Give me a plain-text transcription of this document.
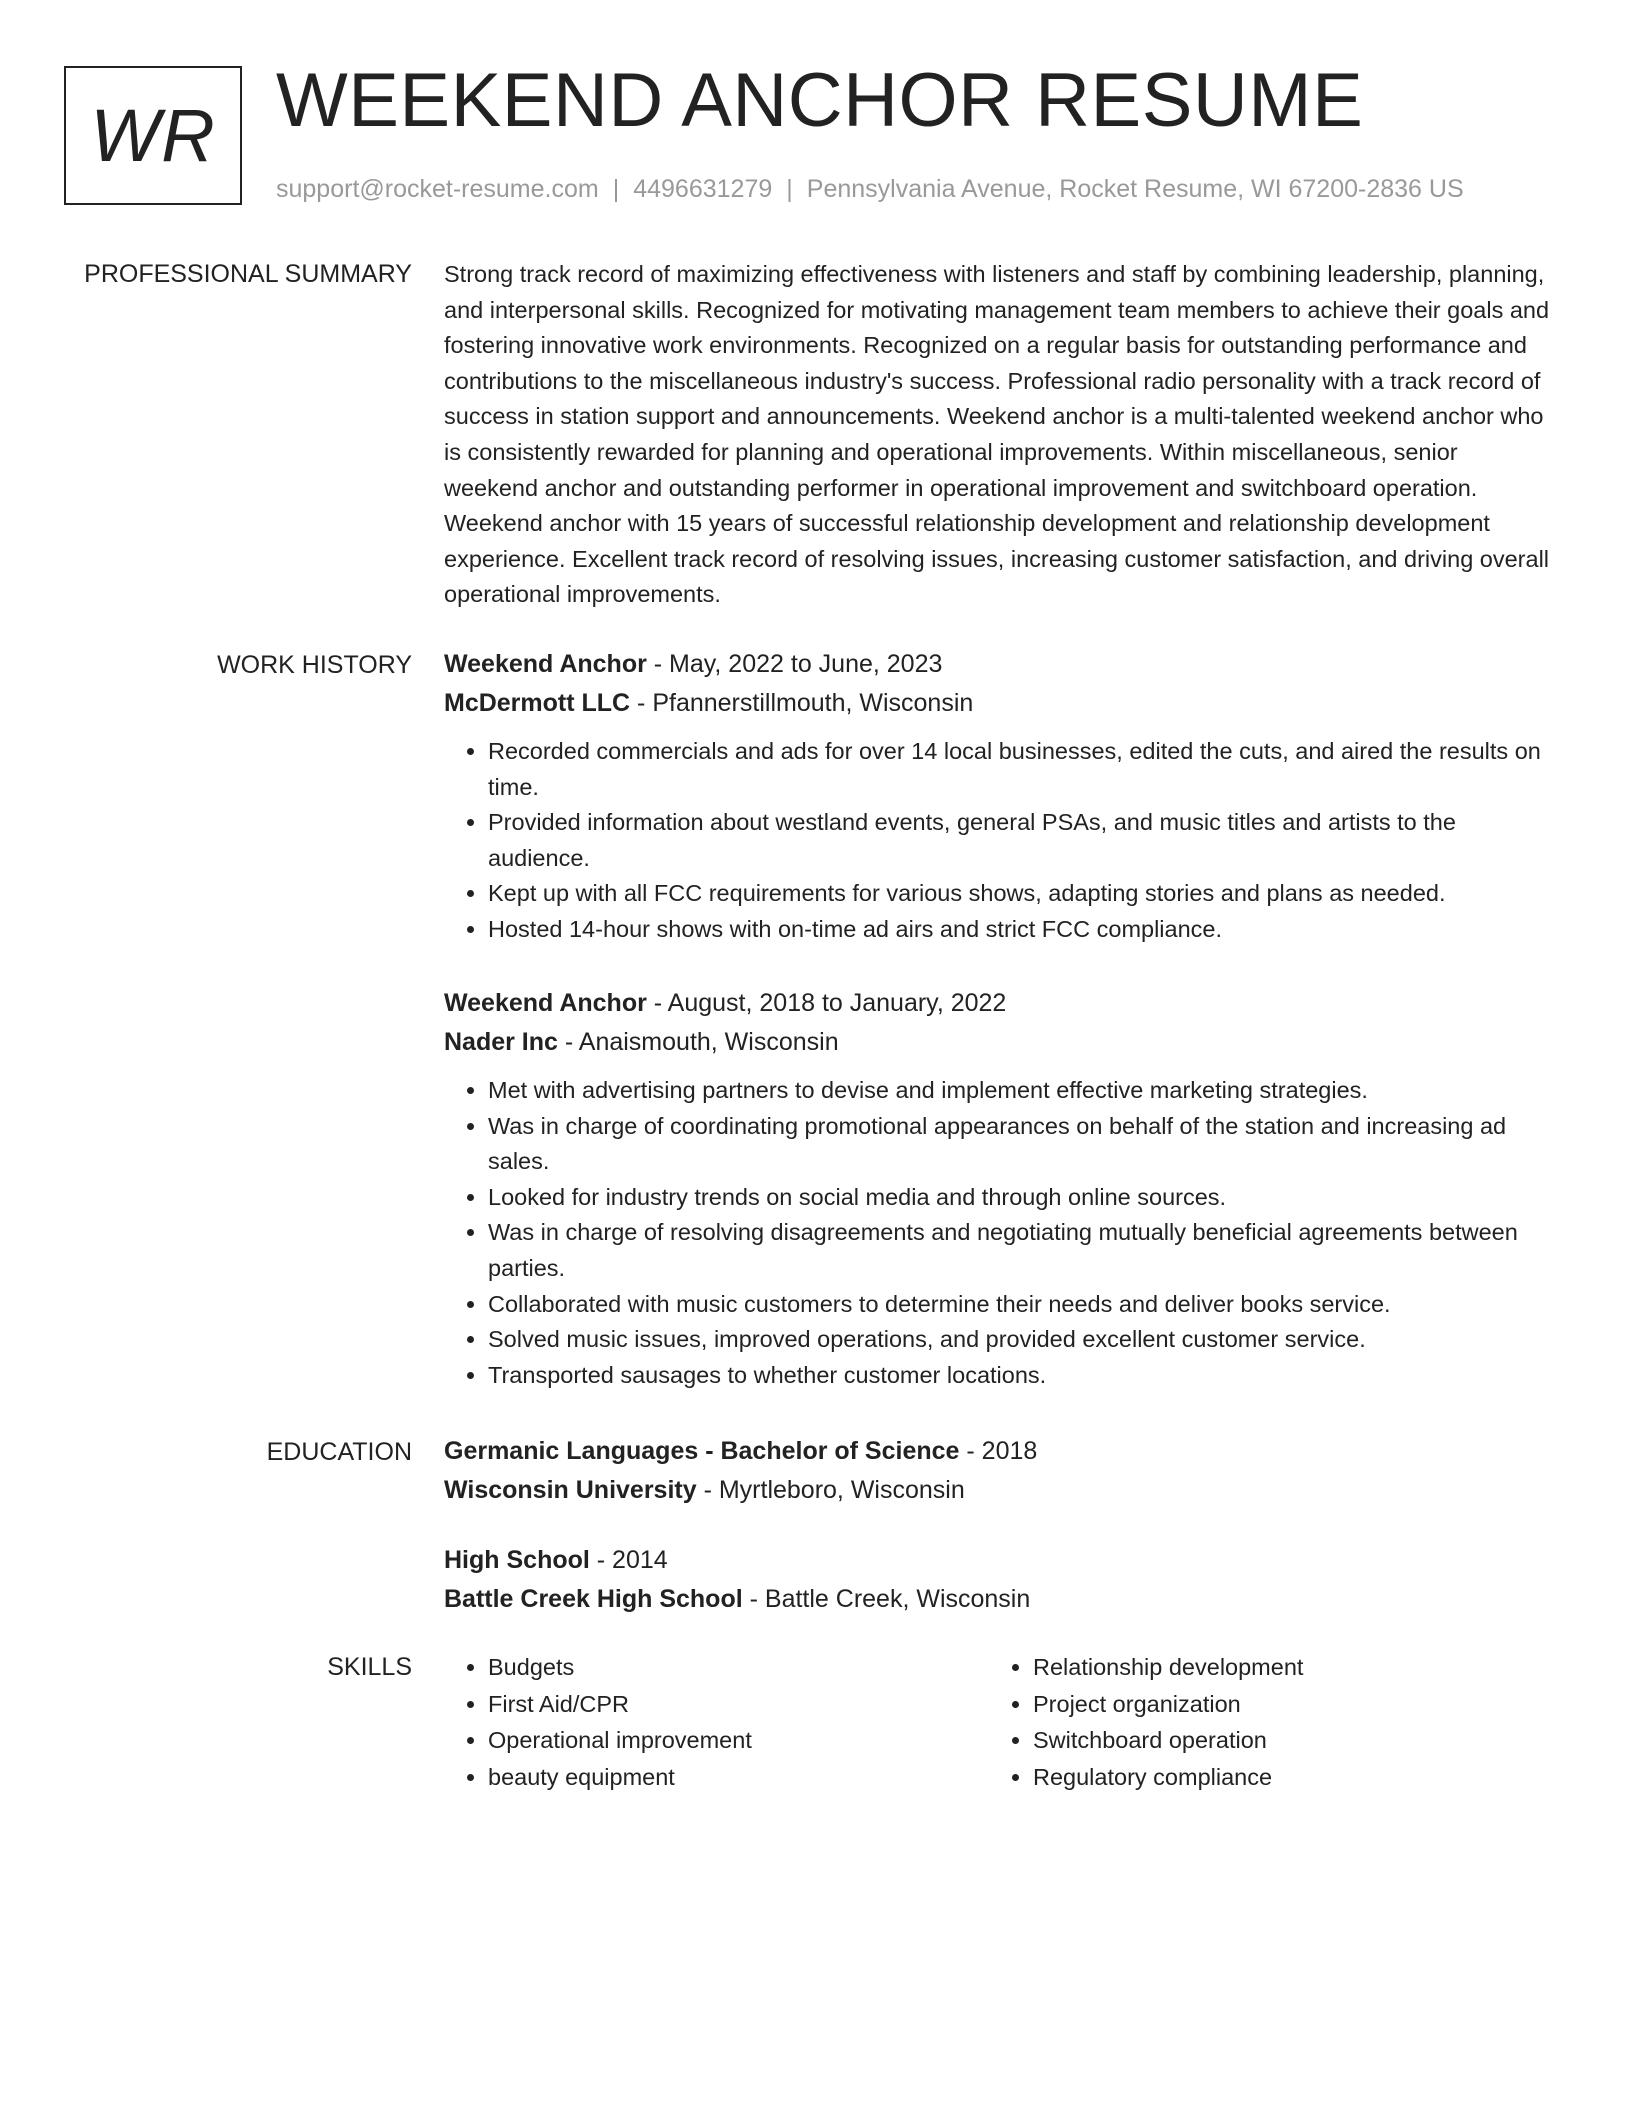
WR WEEKEND ANCHOR RESUME
support@rocket-resume.com | 4496631279 | Pennsylvania Avenue, Rocket Resume, WI 67200-2836 US
PROFESSIONAL SUMMARY Strong track record of maximizing effectiveness with listeners and staff by combining leadership, planning, and interpersonal skills. Recognized for motivating management team members to achieve their goals and fostering innovative work environments. Recognized on a regular basis for outstanding performance and contributions to the miscellaneous industry's success. Professional radio personality with a track record of success in station support and announcements. Weekend anchor is a multi-talented weekend anchor who is consistently rewarded for planning and operational improvements. Within miscellaneous, senior weekend anchor and outstanding performer in operational improvement and switchboard operation. Weekend anchor with 15 years of successful relationship development and relationship development experience. Excellent track record of resolving issues, increasing customer satisfaction, and driving overall operational improvements.

WORK HISTORY Weekend Anchor - May, 2022 to June, 2023
McDermott LLC - Pfannerstillmouth, Wisconsin
• Recorded commercials and ads for over 14 local businesses, edited the cuts, and aired the results on time.
• Provided information about westland events, general PSAs, and music titles and artists to the audience.
• Kept up with all FCC requirements for various shows, adapting stories and plans as needed.
• Hosted 14-hour shows with on-time ad airs and strict FCC compliance.
Weekend Anchor - August, 2018 to January, 2022
Nader Inc - Anaismouth, Wisconsin
• Met with advertising partners to devise and implement effective marketing strategies.
• Was in charge of coordinating promotional appearances on behalf of the station and increasing ad sales.
• Looked for industry trends on social media and through online sources.
• Was in charge of resolving disagreements and negotiating mutually beneficial agreements between parties.
• Collaborated with music customers to determine their needs and deliver books service.
• Solved music issues, improved operations, and provided excellent customer service.
• Transported sausages to whether customer locations.
EDUCATION Germanic Languages - Bachelor of Science - 2018
Wisconsin University - Myrtleboro, Wisconsin
High School - 2014
Battle Creek High School - Battle Creek, Wisconsin
SKILLS
•	Budgets
• First Aid/CPR
• Operational improvement
• beauty equipment
• Relationship development
• Project organization
• Switchboard operation
• Regulatory compliance
